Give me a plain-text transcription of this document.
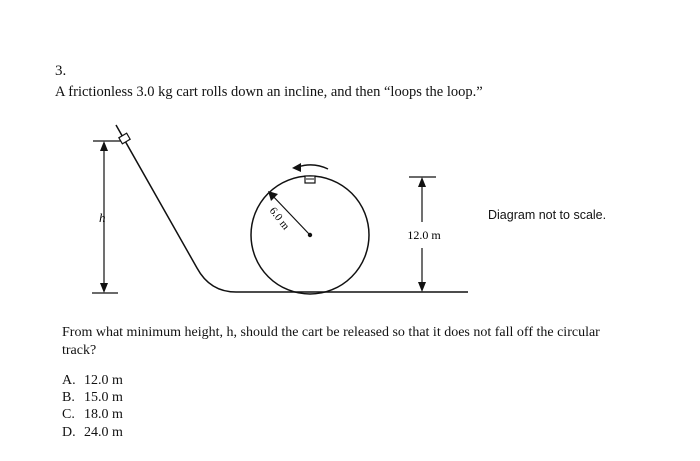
3.
A frictionless 3.0 kg cart rolls down an incline, and then “loops the loop.”
h	6.0 m
12.0 m
Diagram not to scale.
From what minimum height, h, should the cart be released so that it does not fall off the circular track?
A. 12.0 m
B. 15.0 m
C. 18.0 m
D. 24.0 m
